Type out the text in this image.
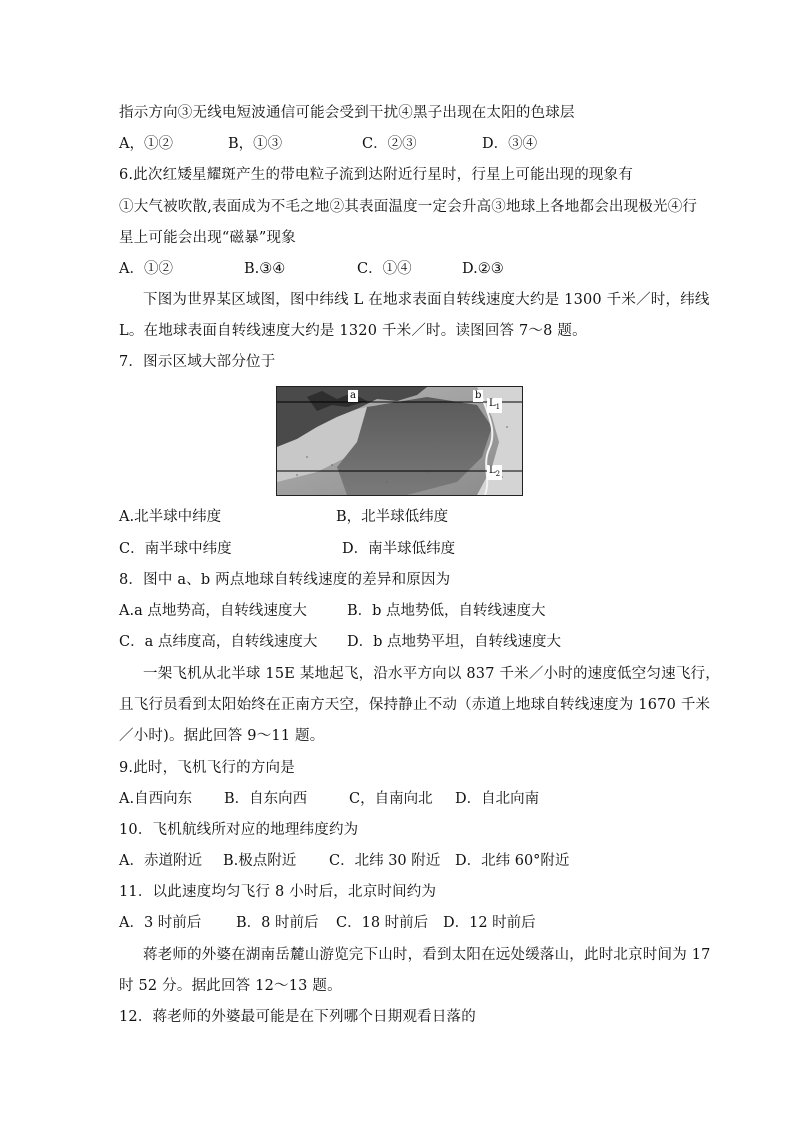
指示方向③无线电短波通信可能会受到干扰④黑子出现在太阳的色球层
A，①②	B，①③	C．②③	D．③④
6.此次红矮星耀斑产生的带电粒子流到达附近行星时，行星上可能出现的现象有
①大气被吹散,表面成为不毛之地②其表面温度一定会升高③地球上各地都会出现极光④行
星上可能会出现“磁暴”现象
A．①②	B.③④	C．①④	D.②③
下图为世界某区域图，图中纬线 L 在地求表面自转线速度大约是 1300 千米／时，纬线
L。在地球表面自转线速度大约是 1320 千米／时。读图回答 7～8 题。
7．图示区域大部分位于
a	b
$L_1$
$L_2$
A.北半球中纬度	B，北半球低纬度
C．南半球中纬度	D．南半球低纬度
8．图中 a、b 两点地球自转线速度的差异和原因为
A.a 点地势高，自转线速度大	B．b 点地势低，自转线速度大
C．a 点纬度高，自转线速度大 D．b 点地势平坦，自转线速度大
一架飞机从北半球 15E 某地起飞，沿水平方向以 837 千米／小时的速度低空匀速飞行，
且飞行员看到太阳始终在正南方天空，保持静止不动（赤道上地球自转线速度为 1670 千米
／小时)。据此回答 9～11 题。
9.此时，飞机飞行的方向是
A.自西向东 B．自东向西	C，自南向北 D．自北向南
10．飞机航线所对应的地理纬度约为
A．赤道附近 B.极点附近 C．北纬 30 附近 D．北纬 60°附近
11．以此速度均匀飞行 8 小时后，北京时间约为
A．3 时前后 B．8 时前后 C．18 时前后 D．12 时前后
蒋老师的外婆在湖南岳麓山游览完下山时，看到太阳在远处缓落山，此时北京时间为 17
时 52 分。据此回答 12～13 题。
12．蒋老师的外婆最可能是在下列哪个日期观看日落的
